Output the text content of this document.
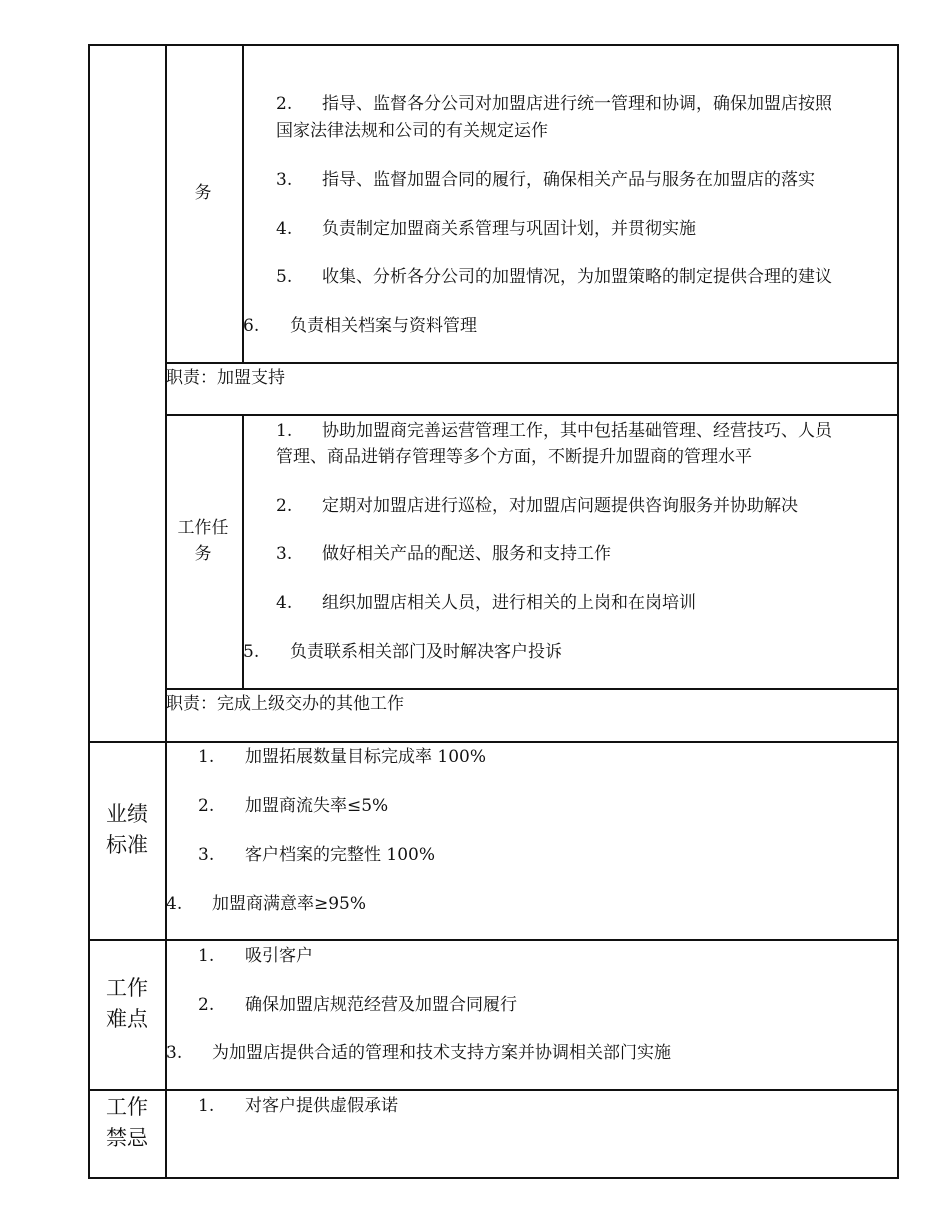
务
2. 指导、监督各分公司对加盟店进行统一管理和协调，确保加盟店按照
国家法律法规和公司的有关规定运作
3. 指导、监督加盟合同的履行，确保相关产品与服务在加盟店的落实
4. 负责制定加盟商关系管理与巩固计划，并贯彻实施
5. 收集、分析各分公司的加盟情况，为加盟策略的制定提供合理的建议
6. 负责相关档案与资料管理
职责：加盟支持
工作任
务
1. 协助加盟商完善运营管理工作，其中包括基础管理、经营技巧、人员
管理、商品进销存管理等多个方面，不断提升加盟商的管理水平
2. 定期对加盟店进行巡检，对加盟店问题提供咨询服务并协助解决
3. 做好相关产品的配送、服务和支持工作
4. 组织加盟店相关人员，进行相关的上岗和在岗培训
5. 负责联系相关部门及时解决客户投诉
职责：完成上级交办的其他工作
业绩
标准
1. 加盟拓展数量目标完成率 100%
2. 加盟商流失率≤5%
3. 客户档案的完整性 100%
4. 加盟商满意率≥95%
工作
难点
1. 吸引客户
2. 确保加盟店规范经营及加盟合同履行
3. 为加盟店提供合适的管理和技术支持方案并协调相关部门实施
工作
禁忌
1. 对客户提供虚假承诺
